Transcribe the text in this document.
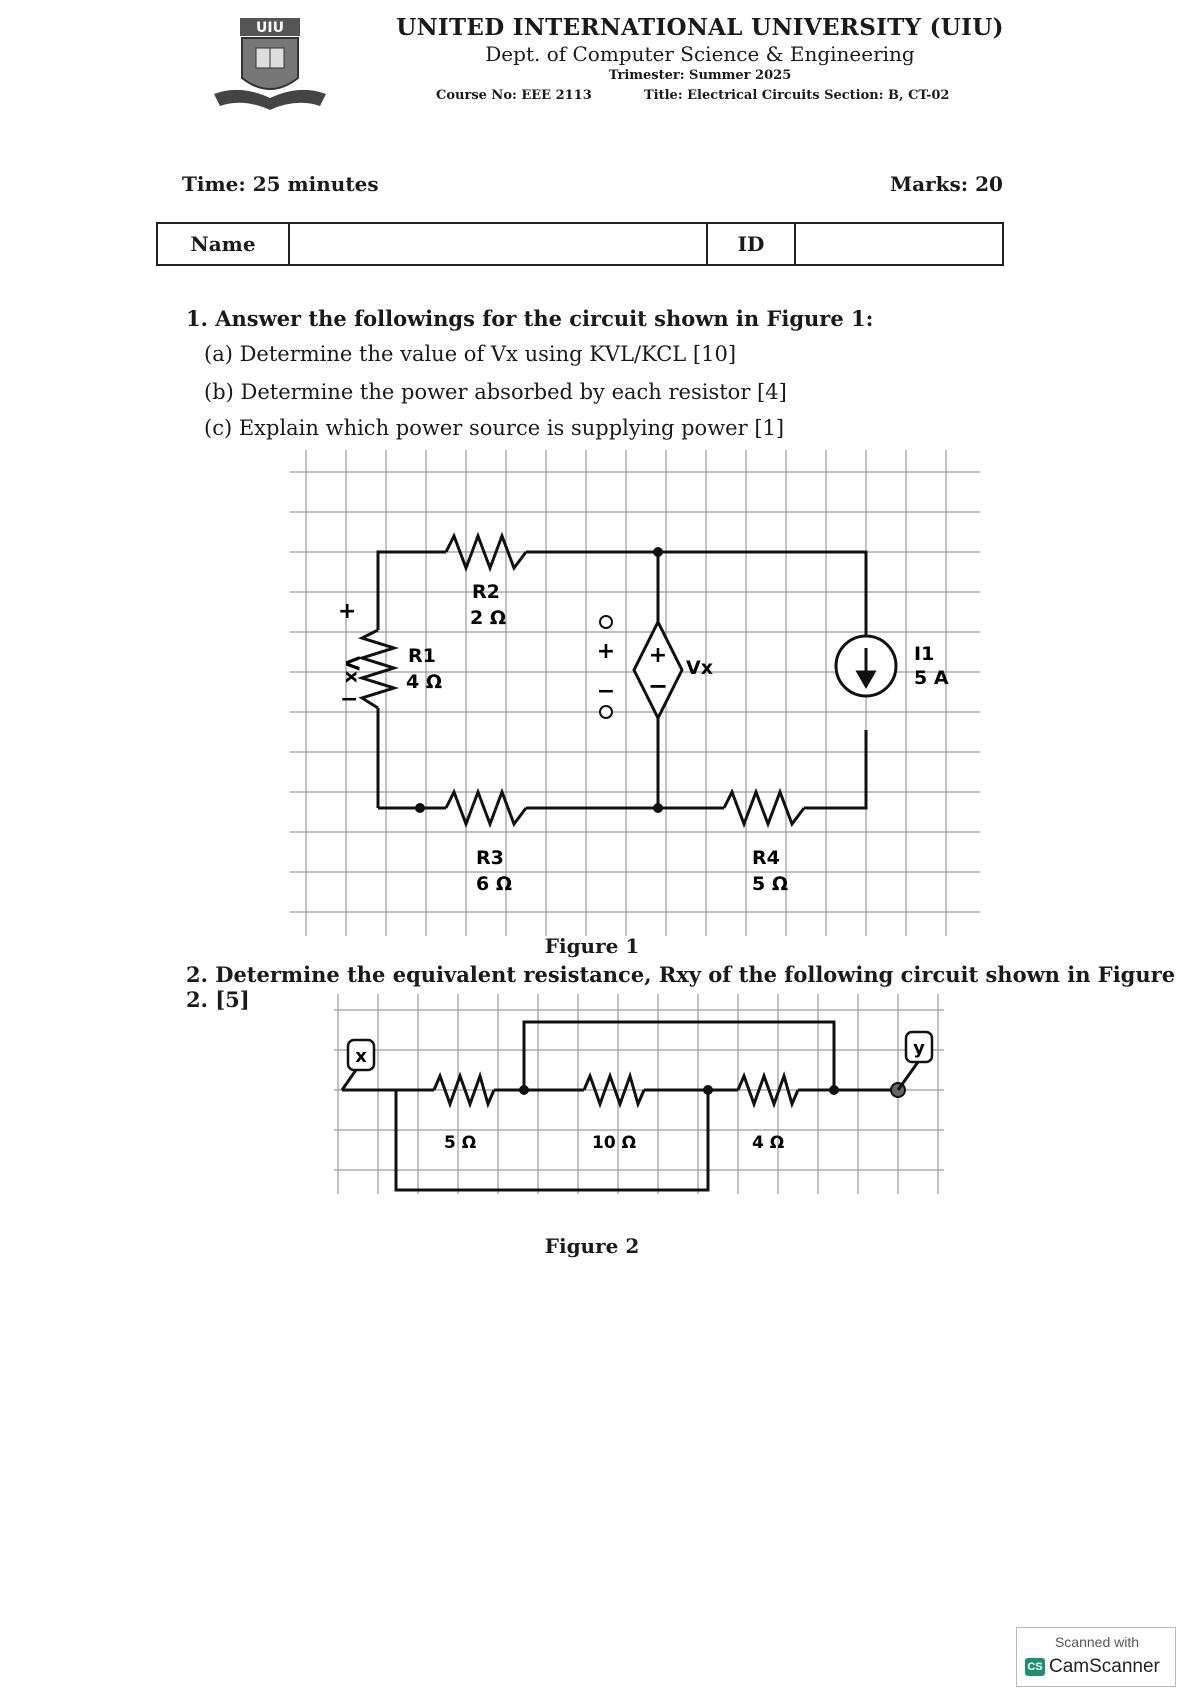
UIU	UNITED INTERNATIONAL UNIVERSITY (UIU)
Dept. of Computer Science & Engineering
Trimester: Summer 2025
Course No: EEE 2113	Title: Electrical Circuits Section: B, CT-02
Time: 25 minutes	Marks: 20
Name	ID
1. Answer the followings for the circuit shown in Figure 1:
(a) Determine the value of Vx using KVL/KCL [10]
(b) Determine the power absorbed by each resistor [4]
(c) Explain which power source is supplying power [1]
+
−
Vx
I1
5 A
R2
2 Ω
R1
4 Ω
R3
6 Ω
R4
5 Ω
+
Vx
−
+
−
Figure 1
2. Determine the equivalent resistance, Rxy of the following circuit shown in Figure 2. [5]
x	y
5 Ω	10 Ω	4 Ω
Figure 2
Scanned with
CS CamScanner
